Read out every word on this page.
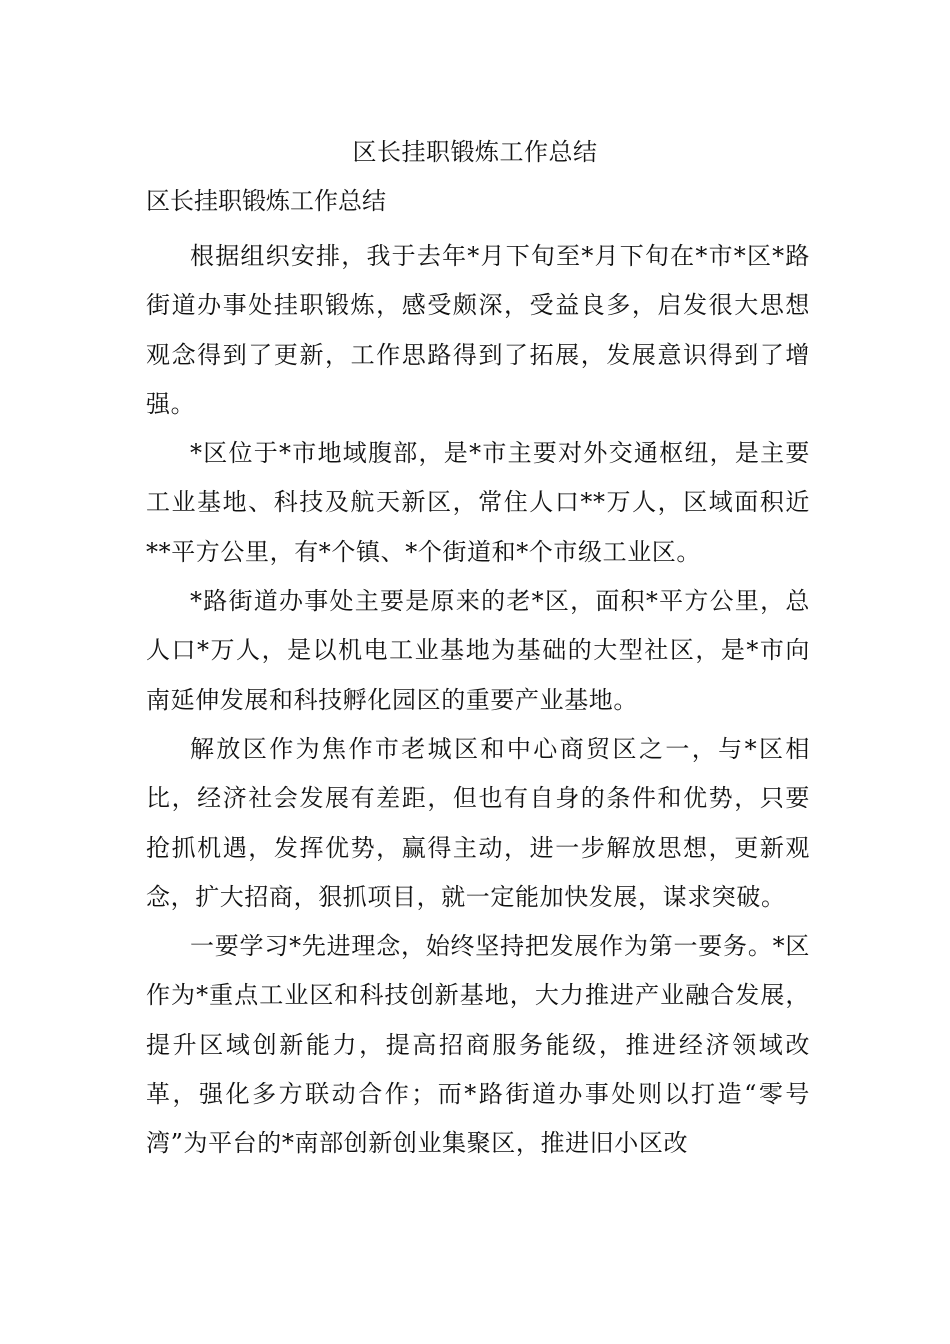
区长挂职锻炼工作总结
区长挂职锻炼工作总结

根据组织安排，我于去年*月下旬至*月下旬在*市*区*路街道办事处挂职锻炼，感受颇深，受益良多，启发很大思想观念得到了更新，工作思路得到了拓展，发展意识得到了增强。

*区位于*市地域腹部，是*市主要对外交通枢纽，是主要工业基地、科技及航天新区，常住人口**万人，区域面积近**平方公里，有*个镇、*个街道和*个市级工业区。

*路街道办事处主要是原来的老*区，面积*平方公里，总人口*万人，是以机电工业基地为基础的大型社区，是*市向南延伸发展和科技孵化园区的重要产业基地。

解放区作为焦作市老城区和中心商贸区之一，与*区相比，经济社会发展有差距，但也有自身的条件和优势，只要抢抓机遇，发挥优势，赢得主动，进一步解放思想，更新观念，扩大招商，狠抓项目，就一定能加快发展，谋求突破。

一要学习*先进理念，始终坚持把发展作为第一要务。*区作为*重点工业区和科技创新基地，大力推进产业融合发展，提升区域创新能力，提高招商服务能级，推进经济领域改革，强化多方联动合作；而*路街道办事处则以打造“零号湾”为平台的*南部创新创业集聚区，推进旧小区改
